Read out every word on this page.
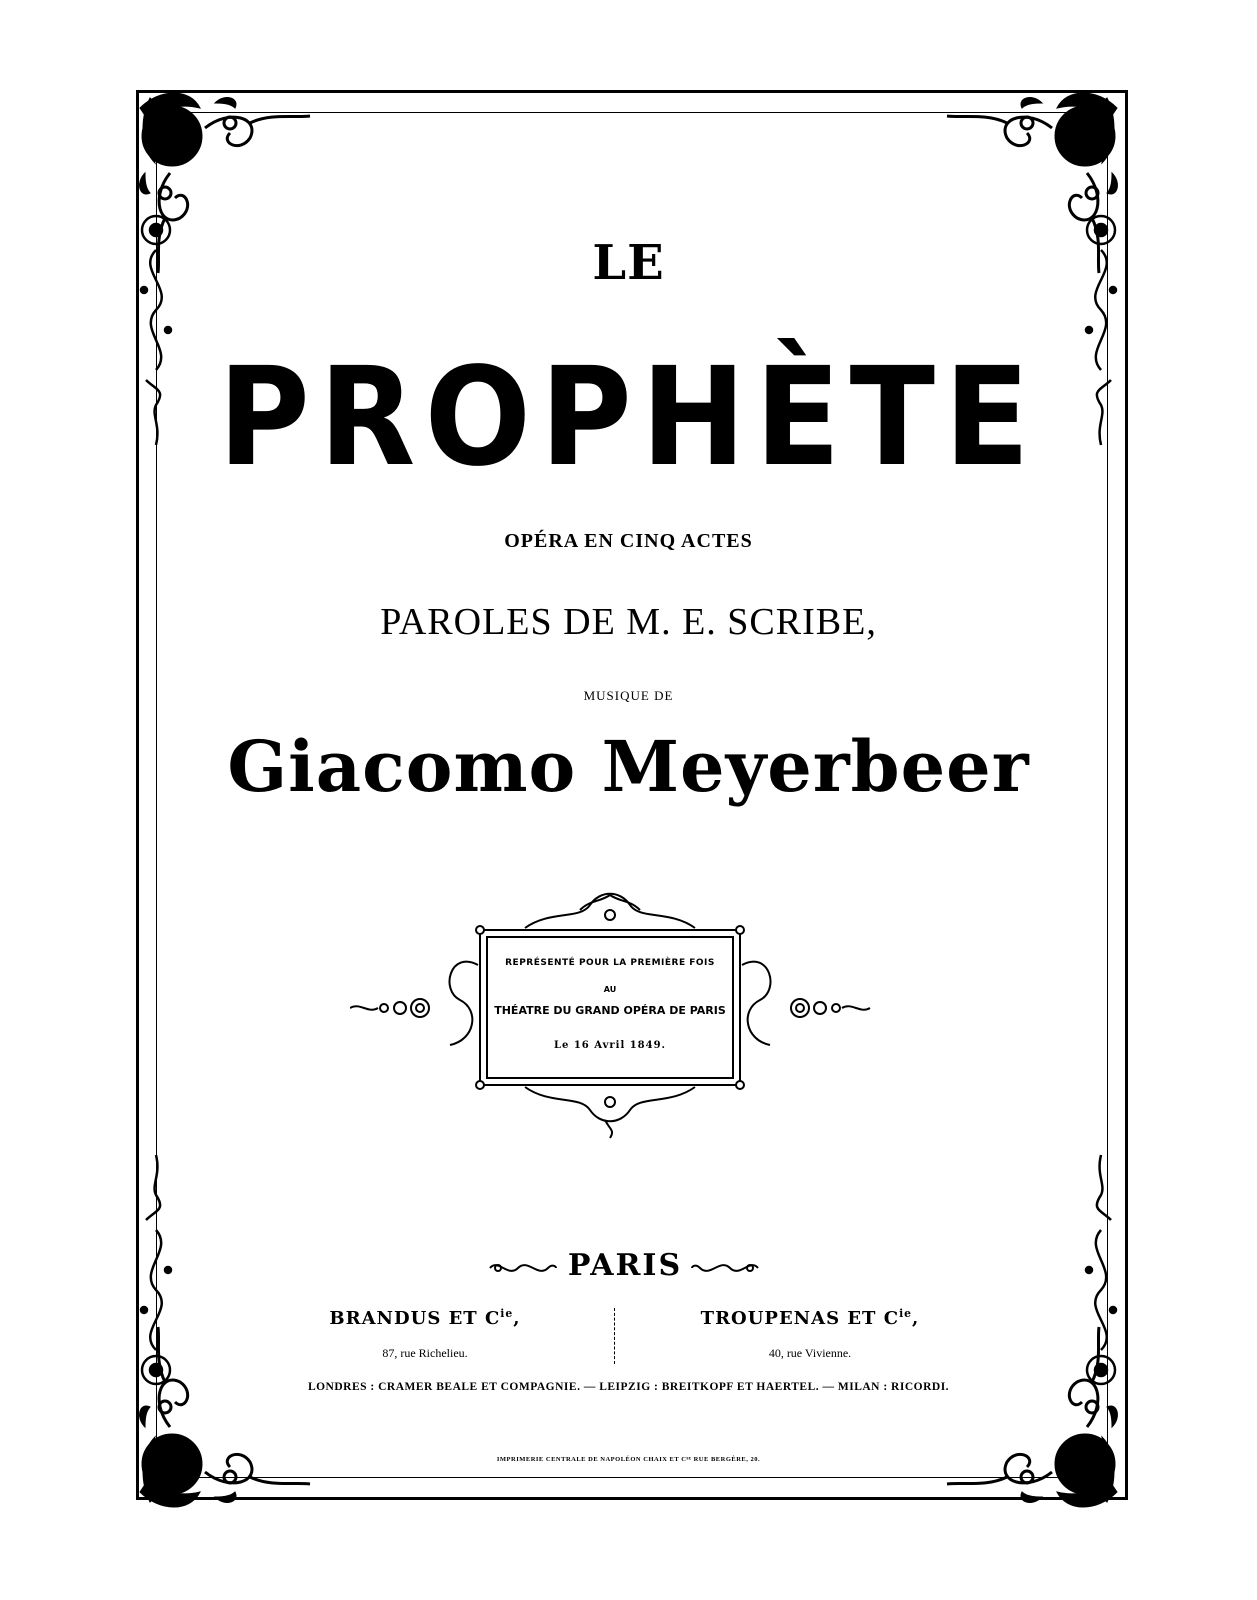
LE
PROPHÈTE
OPÉRA EN CINQ ACTES
PAROLES DE M. E. SCRIBE,
MUSIQUE DE
Giacomo Meyerbeer
REPRÉSENTÉ POUR LA PREMIÈRE FOIS
AU
THÉATRE DU GRAND OPÉRA DE PARIS
Le 16 Avril 1849.
PARIS
BRANDUS ET $C^{ie}$,	TROUPENAS ET $C^{ie}$,
87, rue Richelieu.	40, rue Vivienne.
LONDRES : CRAMER BEALE ET COMPAGNIE. — LEIPZIG : BREITKOPF ET HAERTEL. — MILAN : RICORDI.
IMPRIMERIE CENTRALE DE NAPOLÉON CHAIX ET Cᴵᴱ RUE BERGÈRE, 20.
